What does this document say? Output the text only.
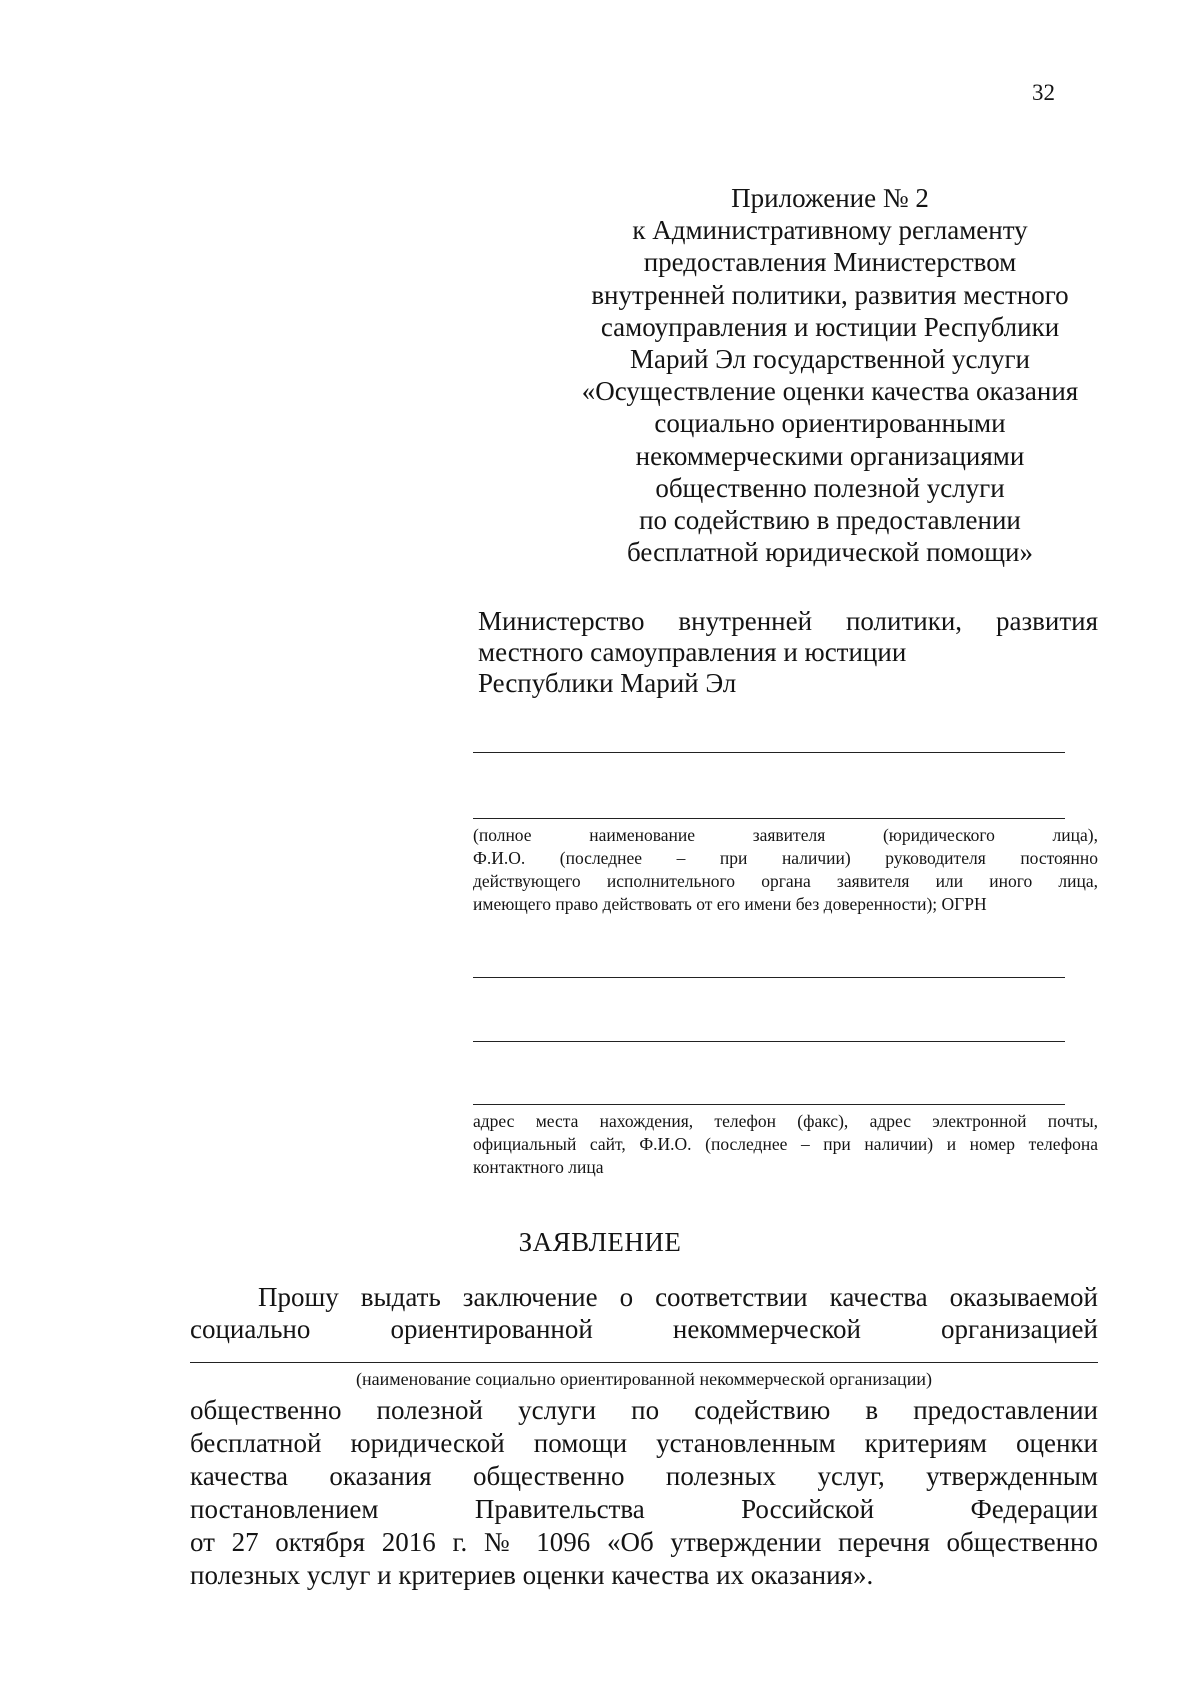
32
Приложение № 2
к Административному регламенту
предоставления Министерством
внутренней политики, развития местного
самоуправления и юстиции Республики
Марий Эл государственной услуги
«Осуществление оценки качества оказания
социально ориентированными
некоммерческими организациями
общественно полезной услуги
по содействию в предоставлении
бесплатной юридической помощи»
Министерство внутренней политики, развития
местного самоуправления и юстиции
Республики Марий Эл
(полное наименование заявителя (юридического лица),
Ф.И.О. (последнее – при наличии) руководителя постоянно
действующего исполнительного органа заявителя или иного лица,
имеющего право действовать от его имени без доверенности); ОГРН
адрес места нахождения, телефон (факс), адрес электронной почты,
официальный сайт, Ф.И.О. (последнее – при наличии) и номер телефона
контактного лица
ЗАЯВЛЕНИЕ
Прошу выдать заключение о соответствии качества оказываемой
социально ориентированной некоммерческой организацией
(наименование социально ориентированной некоммерческой организации)
общественно полезной услуги по содействию в предоставлении
бесплатной юридической помощи установленным критериям оценки
качества оказания общественно полезных услуг, утвержденным
постановлением Правительства Российской Федерации
от 27 октября 2016 г. № 1096 «Об утверждении перечня общественно
полезных услуг и критериев оценки качества их оказания».
